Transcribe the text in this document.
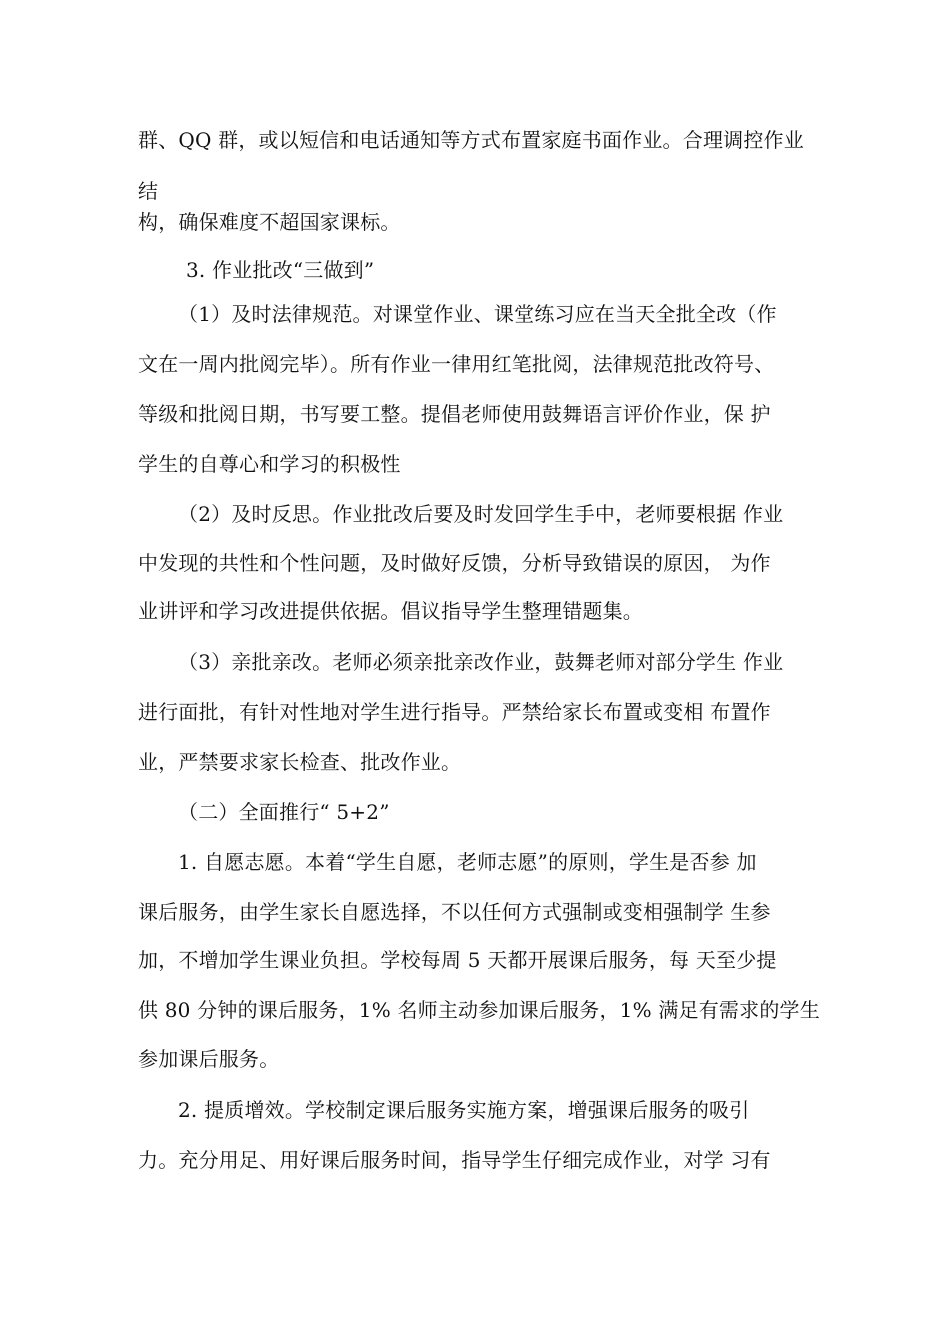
群、QQ 群，或以短信和电话通知等方式布置家庭书面作业。合理调控作业
结
构，确保难度不超国家课标。
3. 作业批改“三做到”
（1）及时法律规范。对课堂作业、课堂练习应在当天全批全改（作
文在一周内批阅完毕）。所有作业一律用红笔批阅，法律规范批改符号、
等级和批阅日期，书写要工整。提倡老师使用鼓舞语言评价作业，保 护
学生的自尊心和学习的积极性
（2）及时反思。作业批改后要及时发回学生手中，老师要根据 作业
中发现的共性和个性问题，及时做好反馈，分析导致错误的原因， 为作
业讲评和学习改进提供依据。倡议指导学生整理错题集。
（3）亲批亲改。老师必须亲批亲改作业，鼓舞老师对部分学生 作业
进行面批，有针对性地对学生进行指导。严禁给家长布置或变相 布置作
业，严禁要求家长检查、批改作业。
（二）全面推行“ 5+2”
1. 自愿志愿。本着“学生自愿，老师志愿”的原则，学生是否参 加
课后服务，由学生家长自愿选择，不以任何方式强制或变相强制学 生参
加，不增加学生课业负担。学校每周 5 天都开展课后服务，每 天至少提
供 80 分钟的课后服务，1% 名师主动参加课后服务，1% 满足有需求的学生
参加课后服务。
2. 提质增效。学校制定课后服务实施方案，增强课后服务的吸引
力。充分用足、用好课后服务时间，指导学生仔细完成作业，对学 习有
